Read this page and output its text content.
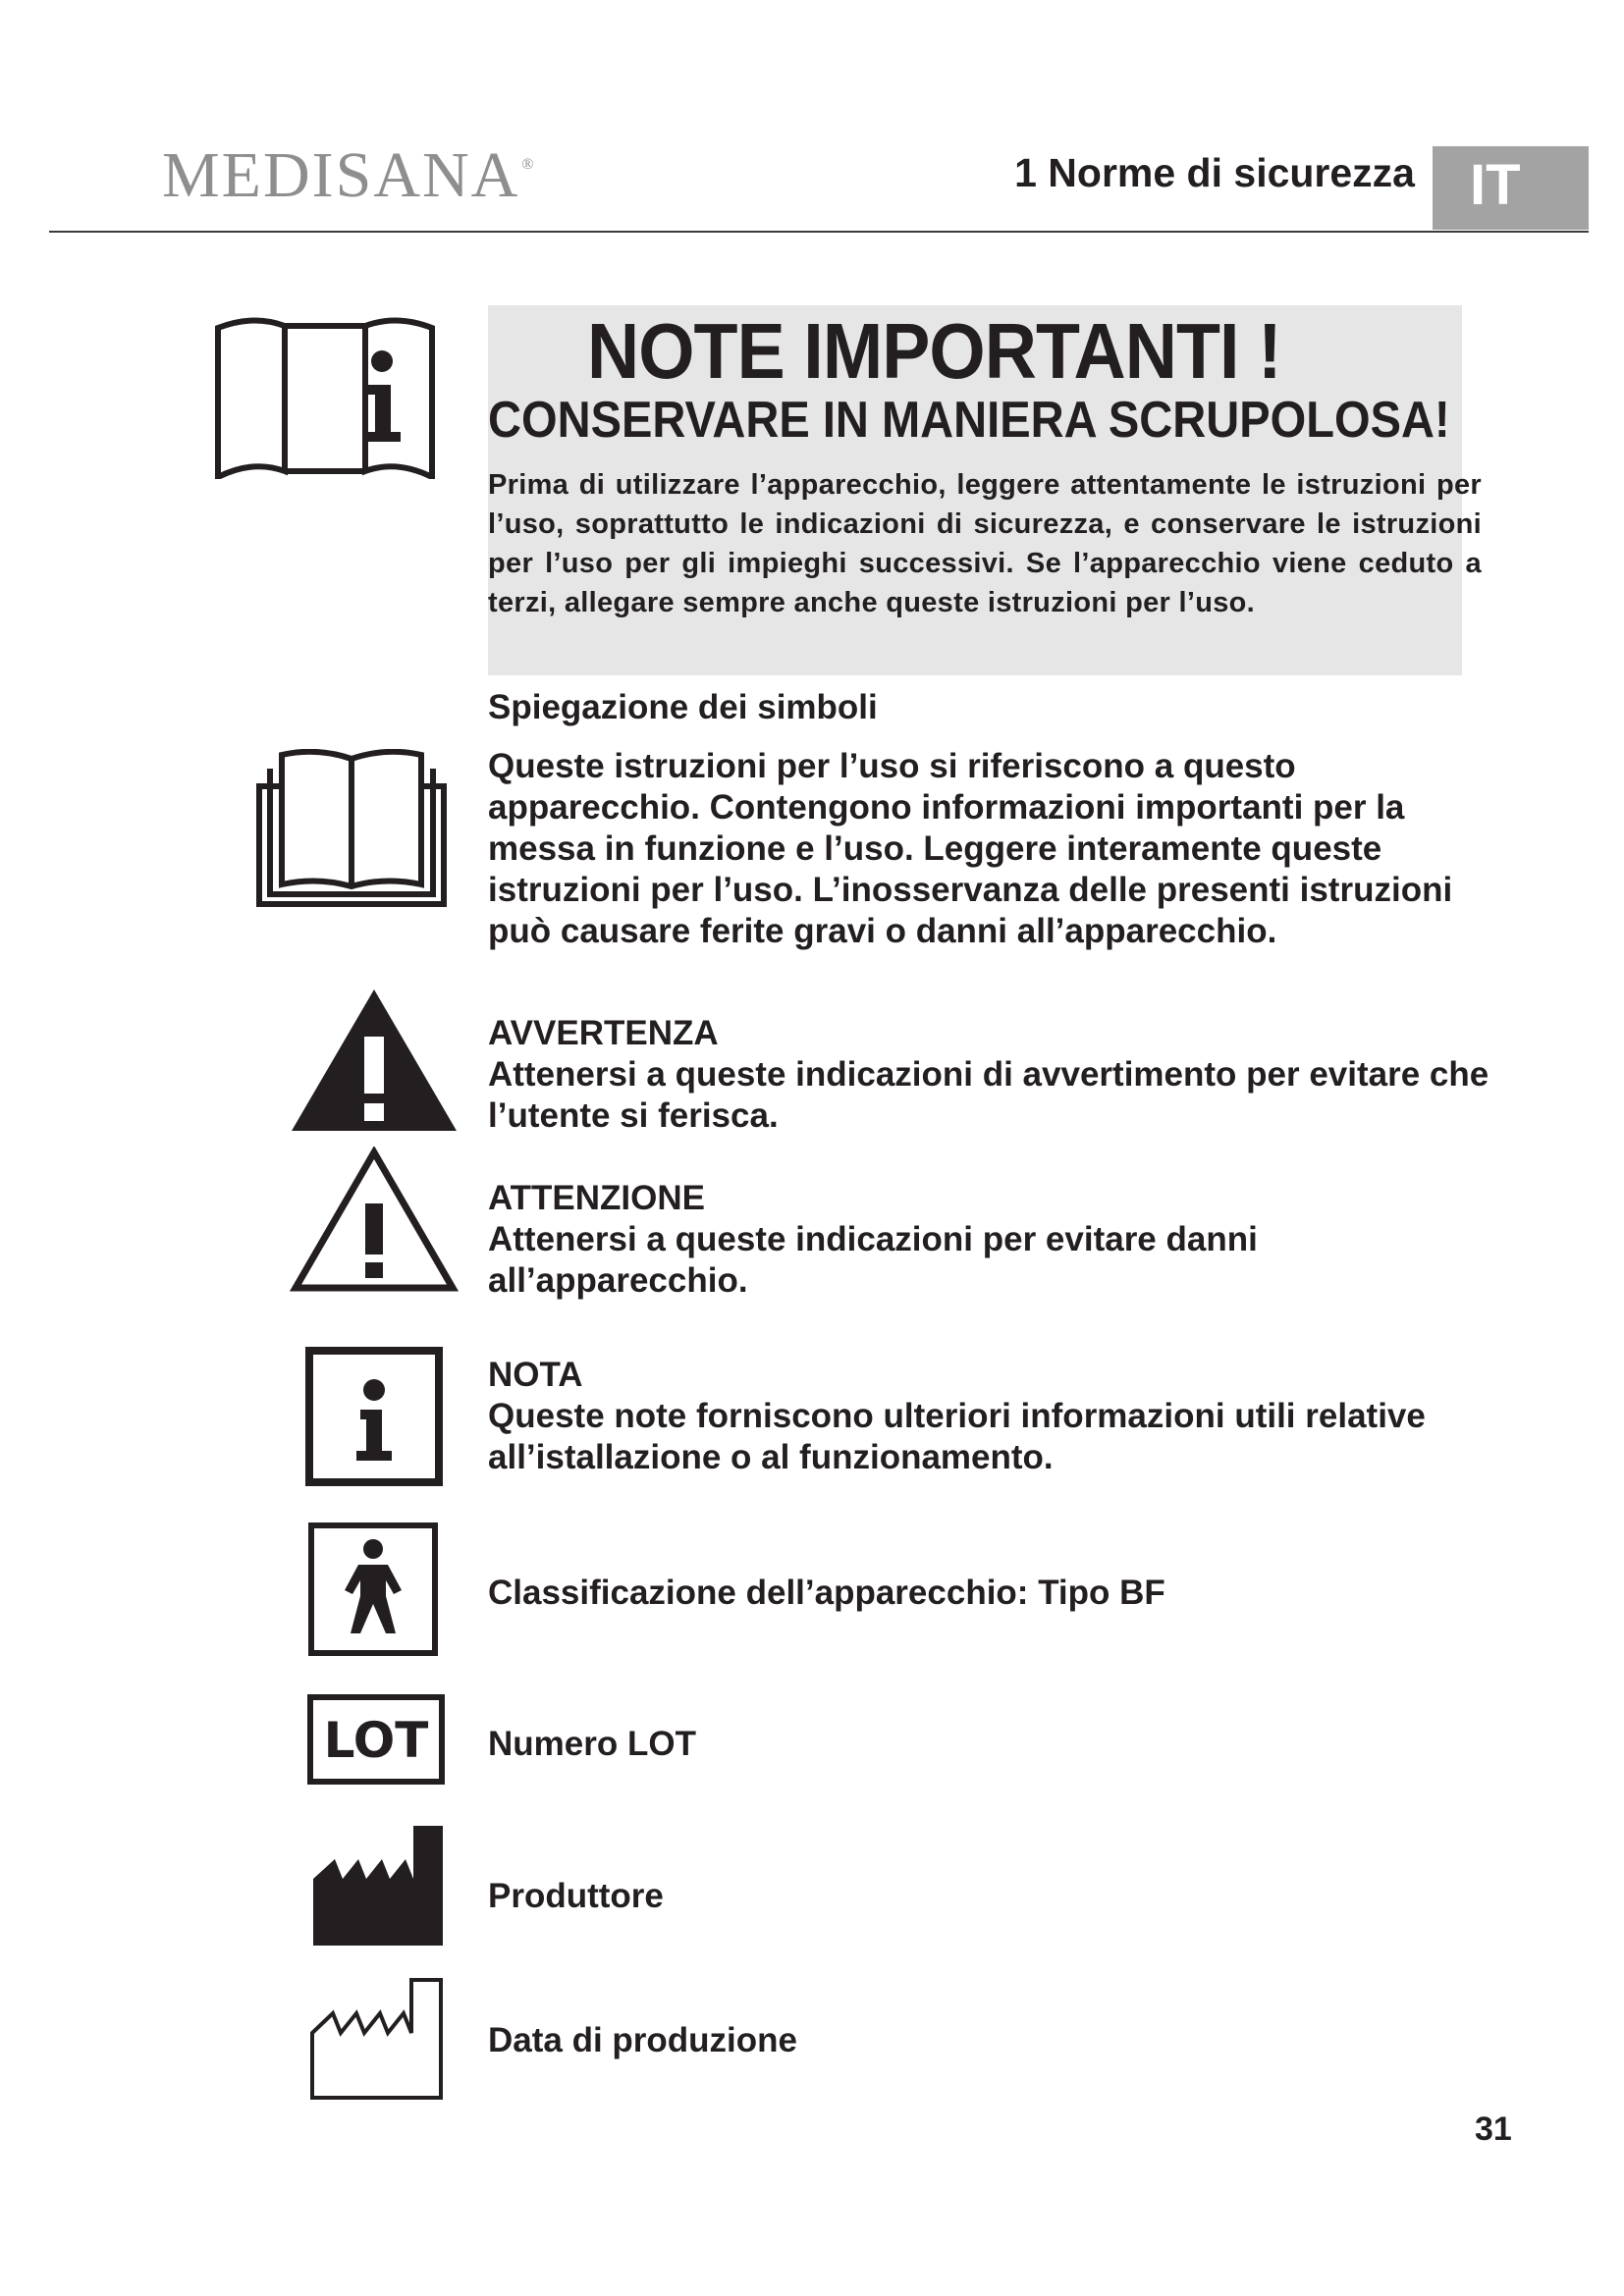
MEDISANA ®	1 Norme di sicurezza IT
NOTE IMPORTANTI !
CONSERVARE IN MANIERA SCRUPOLOSA!
Prima di utilizzare l’apparecchio, leggere attentamente le istruzioni per l’uso, soprattutto le indicazioni di sicurezza, e conservare le istruzioni per l’uso per gli impieghi successivi. Se l’apparecchio viene ceduto a terzi, allegare sempre anche queste istruzioni per l’uso.
Spiegazione dei simboli
Queste istruzioni per l’uso si riferiscono a questo apparecchio. Contengono informazioni importanti per la messa in funzione e l’uso. Leggere interamente queste istruzioni per l’uso. L’inosservanza delle presenti istruzioni può causare ferite gravi o danni all’apparecchio.
AVVERTENZA
Attenersi a queste indicazioni di avvertimento per evitare che l’utente si ferisca.
ATTENZIONE
Attenersi a queste indicazioni per evitare danni all’apparecchio.
NOTA
Queste note forniscono ulteriori informazioni utili relative all’istallazione o al funzionamento.
Classificazione dell’apparecchio: Tipo BF
LOT Numero LOT
Produttore
Data di produzione
31
